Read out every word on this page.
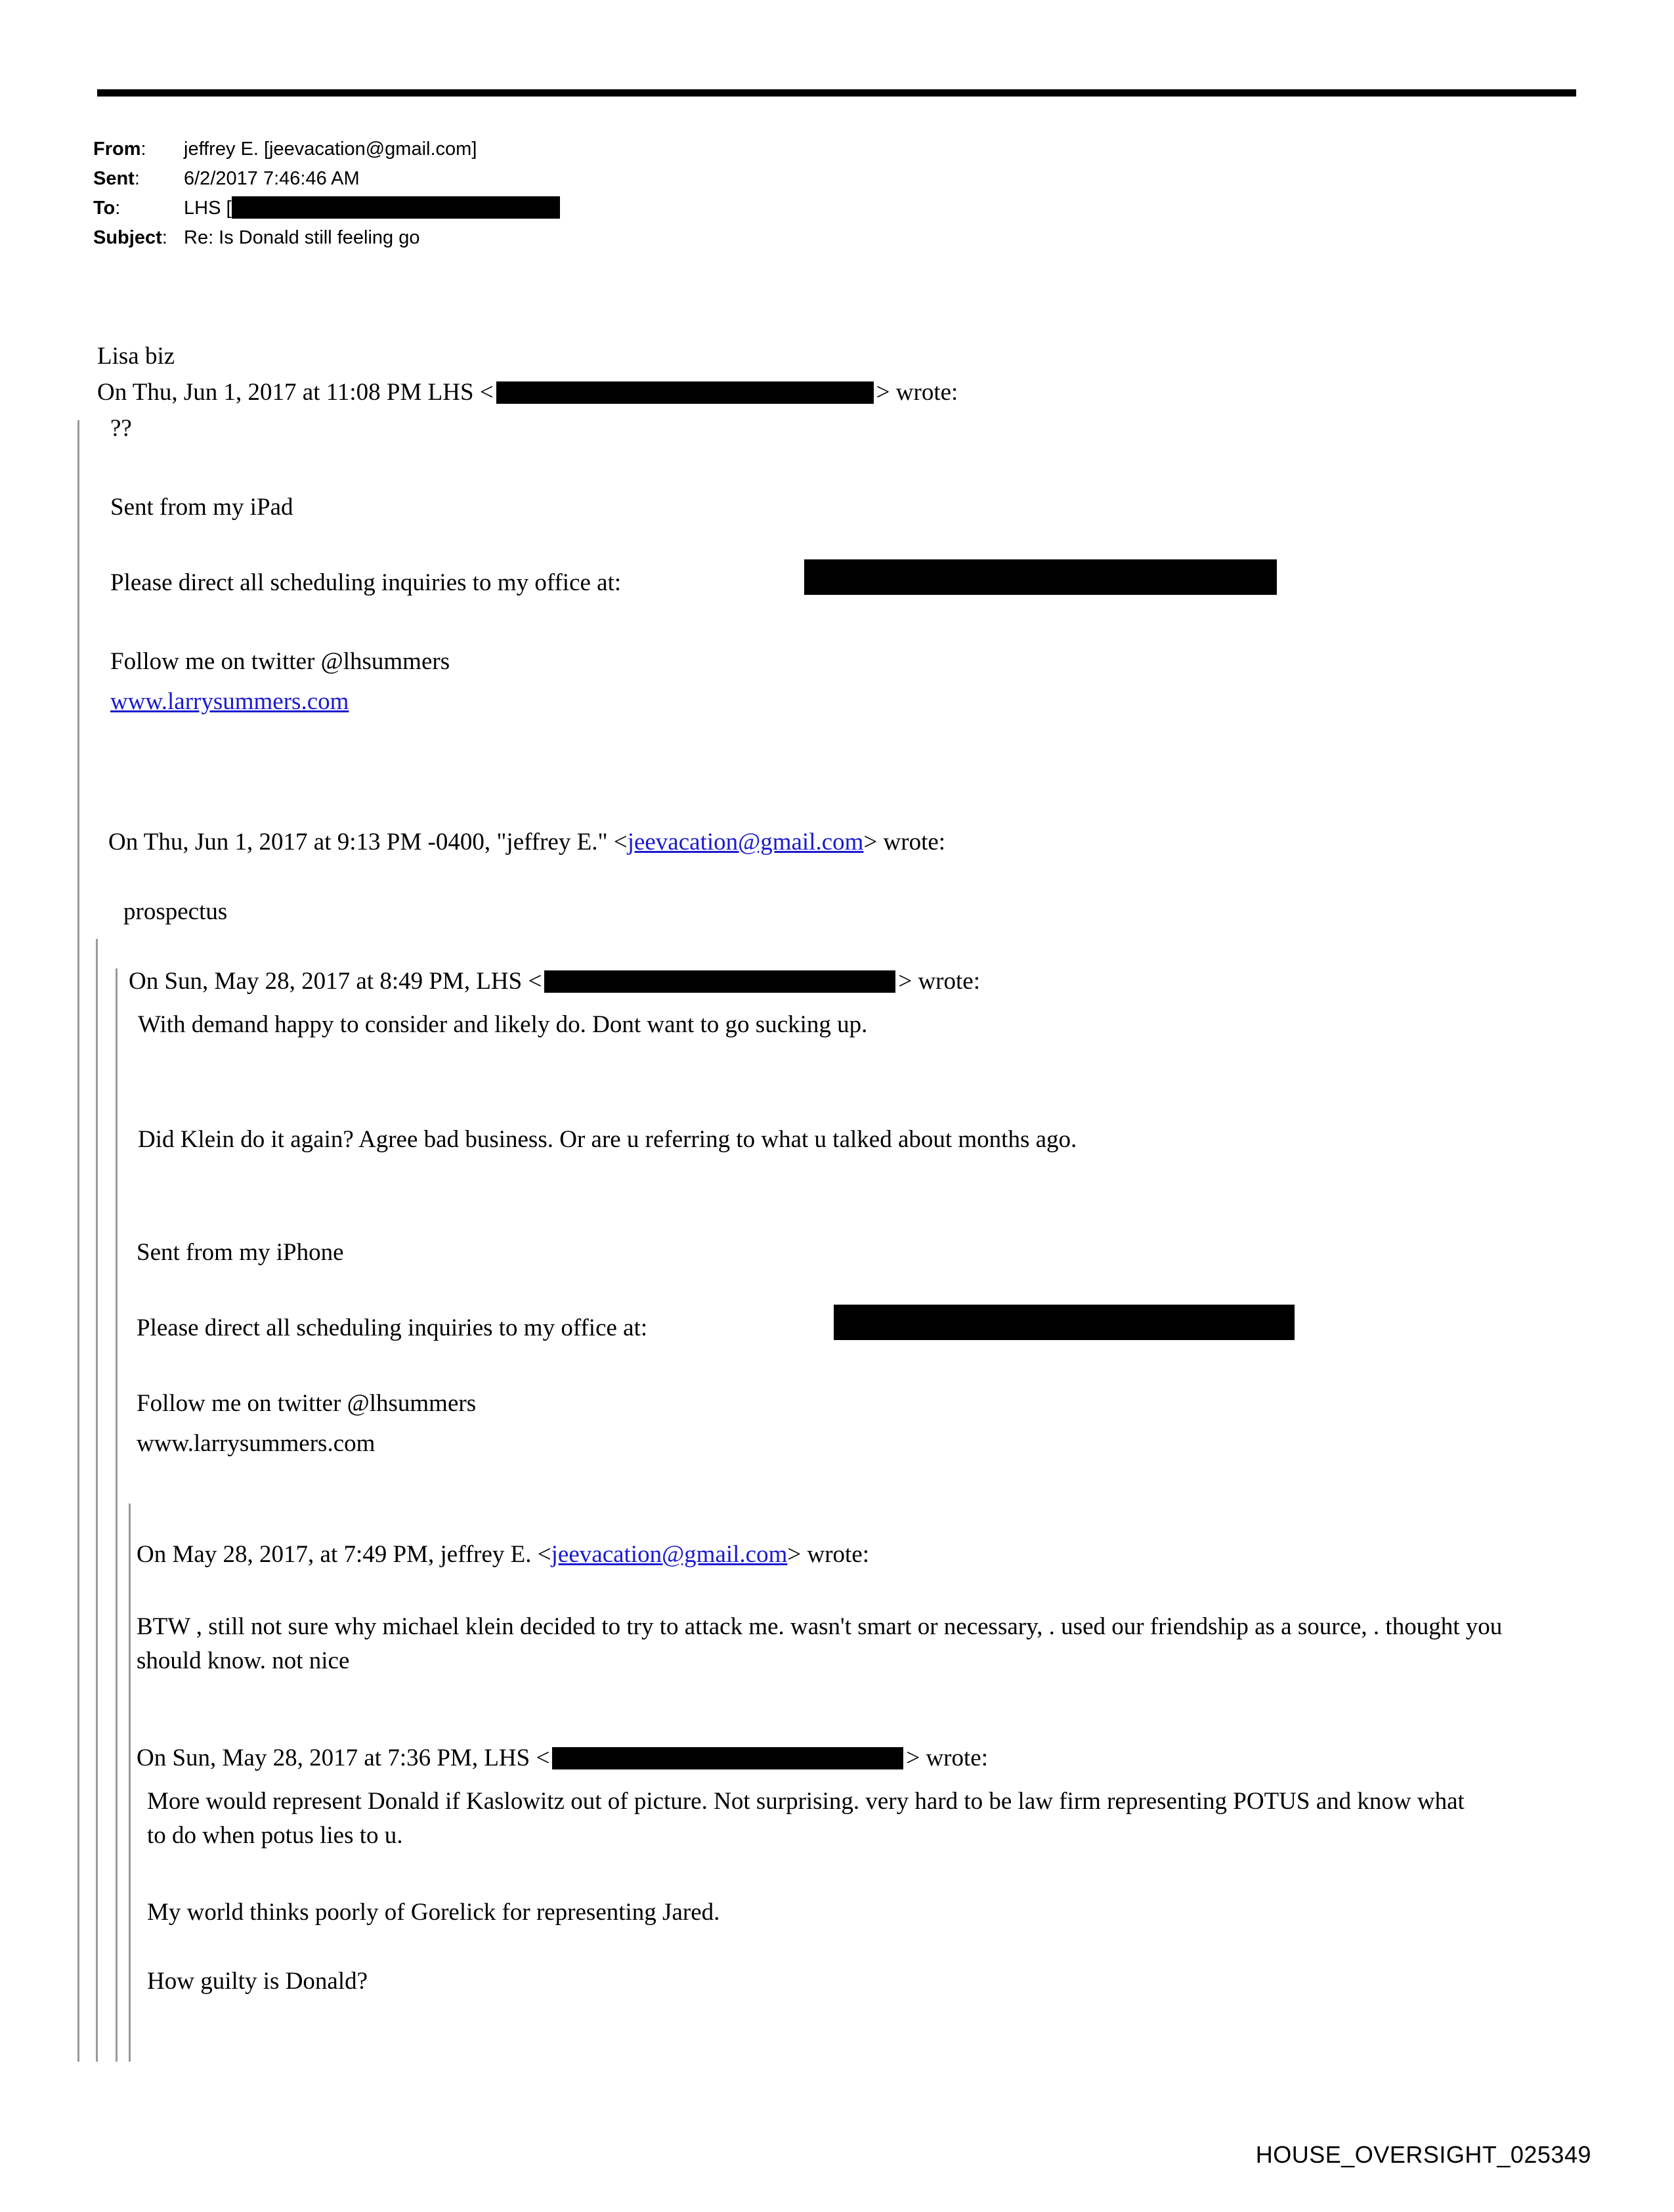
From:	jeffrey E. [jeevacation@gmail.com]
Sent:	6/2/2017 7:46:46 AM
To:	LHS [
Subject: Re: Is Donald still feeling go
Lisa biz
On Thu, Jun 1, 2017 at 11:08 PM LHS <	> wrote:
??
Sent from my iPad
Please direct all scheduling inquiries to my office at:
Follow me on twitter @lhsummers
www.larrysummers.com
On Thu, Jun 1, 2017 at 9:13 PM -0400, "jeffrey E." <jeevacation@gmail.com> wrote:
prospectus
On Sun, May 28, 2017 at 8:49 PM, LHS <	> wrote:
With demand happy to consider and likely do. Dont want to go sucking up.
Did Klein do it again? Agree bad business. Or are u referring to what u talked about months ago.
Sent from my iPhone
Please direct all scheduling inquiries to my office at:
Follow me on twitter @lhsummers
www.larrysummers.com
On May 28, 2017, at 7:49 PM, jeffrey E. <jeevacation@gmail.com> wrote:
BTW , still not sure why michael klein decided to try to attack me. wasn't smart or necessary, . used our friendship as a source, . thought you should know. not nice
On Sun, May 28, 2017 at 7:36 PM, LHS <	> wrote:
More would represent Donald if Kaslowitz out of picture. Not surprising. very hard to be law firm representing POTUS and know what to do when potus lies to u.
My world thinks poorly of Gorelick for representing Jared.
How guilty is Donald?
HOUSE_OVERSIGHT_025349
